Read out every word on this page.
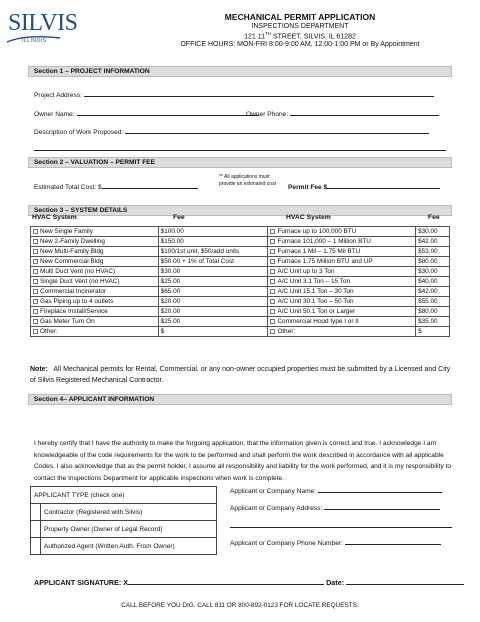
SILVIS
ILLINOIS
MECHANICAL PERMIT APPLICATION
INSPECTIONS DEPARTMENT
121 11TH STREET, SILVIS, IL 61282
OFFICE HOURS: MON-FRI 8:00-9:00 AM, 12:00-1:00 PM or By Appointment
Section 1 – PROJECT INFORMATION
Project Address:
Owner Name:	Owner Phone:
Description of Work Proposed:
Section 2 – VALUATION – PERMIT FEE
Estimated Total Cost: $
** All applications must provide an estimated cost
Permit Fee $
Section 3 – SYSTEM DETAILS
HVAC System	Fee	HVAC System	Fee
New Single Family	$100.00	Furnace up to 100,000 BTU	$30.00
New 2-Family Dwelling	$150.00	Furnace 101,000 – 1 Million BTU	$42.00
New Multi-Family Bldg	$100/1st unit, $50/add units	Furnace 1 Mil – 1.75 Mil BTU	$53.00
New Commercial Bldg	$50.00 + 1% of Total Cost	Furnace 1.75 Million BTU and UP	$80.00
Multi Duct Vent (no HVAC)	$30.00	A/C Unit up to 3 Ton	$30.00
Single Duct Vent (no HVAC)	$25.00	A/C Unit 3.1 Ton – 15 Ton	$40.00
Commercial Incinerator	$65.00	A/C Unit 15.1 Ton – 30 Ton	$42.00
Gas Piping up to 4 outlets	$20.00	A/C Unit 30.1 Ton – 50 Ton	$55.00
Fireplace Install/Service	$20.00	A/C Unit 50.1 Ton or Larger	$80.00
Gas Meter Turn On	$25.00	Commercial Hood type I or II	$35.00
Other:	$	Other:	$
Note: All Mechanical permits for Rental, Commercial, or any non-owner occupied properties must be submitted by a Licensed and City of Silvis Registered Mechanical Contractor.
Section 4– APPLICANT INFORMATION
I hereby certify that I have the authority to make the forgoing application, that the information given is correct and true. I acknowledge I am knowledgeable of the code requirements for the work to be performed and shall perform the work described in accordance with all applicable Codes. I also acknowledge that as the permit holder, I assume all responsibility and liability for the work performed, and it is my responsibility to contact the Inspections Department for applicable inspections when work is complete.
APPLICANT TYPE (check one)	
	Contractor (Registered with Silvis)
	Property Owner (Owner of Legal Record)
	Authorized Agent (Written Auth. From Owner)
Applicant or Company Name:
Applicant or Company Address:
Applicant or Company Phone Number:
APPLICANT SIGNATURE: X	Date:
CALL BEFORE YOU DIG. CALL 811 OR 800-892-0123 FOR LOCATE REQUESTS.
